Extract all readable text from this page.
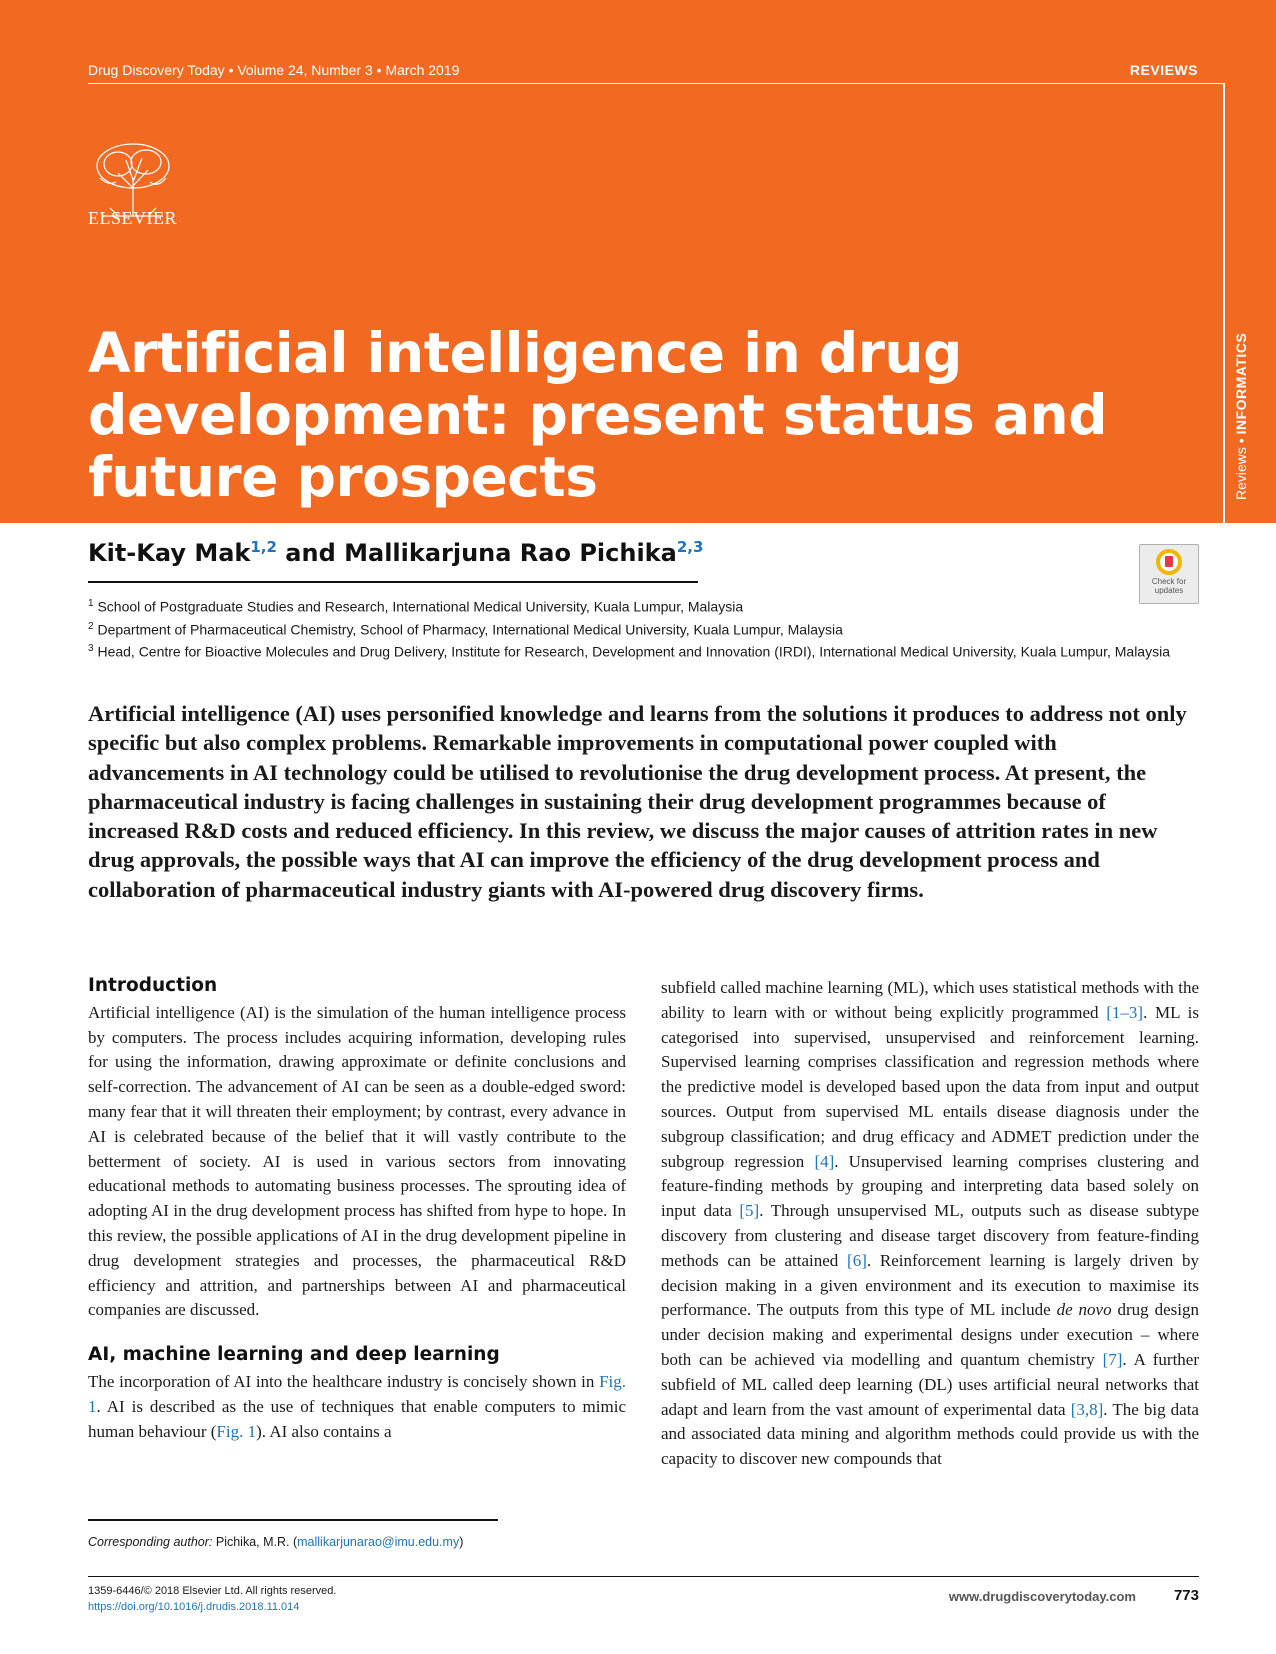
Drug Discovery Today • Volume 24, Number 3 • March 2019	REVIEWS
Reviews • INFORMATICS
ELSEVIER
Artificial intelligence in drug development: present status and future prospects
Kit-Kay Mak$^{1,2}$ and Mallikarjuna Rao Pichika$^{2,3}$
Check for updates

$^1$ School of Postgraduate Studies and Research, International Medical University, Kuala Lumpur, Malaysia

$^2$ Department of Pharmaceutical Chemistry, School of Pharmacy, International Medical University, Kuala Lumpur, Malaysia

$^3$ Head, Centre for Bioactive Molecules and Drug Delivery, Institute for Research, Development and Innovation (IRDI), International Medical University, Kuala Lumpur, Malaysia

Artificial intelligence (AI) uses personified knowledge and learns from the solutions it produces to address not only specific but also complex problems. Remarkable improvements in computational power coupled with advancements in AI technology could be utilised to revolutionise the drug development process. At present, the pharmaceutical industry is facing challenges in sustaining their drug development programmes because of increased R&D costs and reduced efficiency. In this review, we discuss the major causes of attrition rates in new drug approvals, the possible ways that AI can improve the efficiency of the drug development process and collaboration of pharmaceutical industry giants with AI-powered drug discovery firms.

Introduction

Artificial intelligence (AI) is the simulation of the human intelligence process by computers. The process includes acquiring information, developing rules for using the information, drawing approximate or definite conclusions and self-correction. The advancement of AI can be seen as a double-edged sword: many fear that it will threaten their employment; by contrast, every advance in AI is celebrated because of the belief that it will vastly contribute to the betterment of society. AI is used in various sectors from innovating educational methods to automating business processes. The sprouting idea of adopting AI in the drug development process has shifted from hype to hope. In this review, the possible applications of AI in the drug development pipeline in drug development strategies and processes, the pharmaceutical R&D efficiency and attrition, and partnerships between AI and pharmaceutical companies are discussed.

AI, machine learning and deep learning

The incorporation of AI into the healthcare industry is concisely shown in Fig. 1. AI is described as the use of techniques that enable computers to mimic human behaviour (Fig. 1). AI also contains a

subfield called machine learning (ML), which uses statistical methods with the ability to learn with or without being explicitly programmed [1–3]. ML is categorised into supervised, unsupervised and reinforcement learning. Supervised learning comprises classification and regression methods where the predictive model is developed based upon the data from input and output sources. Output from supervised ML entails disease diagnosis under the subgroup classification; and drug efficacy and ADMET prediction under the subgroup regression [4]. Unsupervised learning comprises clustering and feature-finding methods by grouping and interpreting data based solely on input data [5]. Through unsupervised ML, outputs such as disease subtype discovery from clustering and disease target discovery from feature-finding methods can be attained [6]. Reinforcement learning is largely driven by decision making in a given environment and its execution to maximise its performance. The outputs from this type of ML include de novo drug design under decision making and experimental designs under execution – where both can be achieved via modelling and quantum chemistry [7]. A further subfield of ML called deep learning (DL) uses artificial neural networks that adapt and learn from the vast amount of experimental data [3,8]. The big data and associated data mining and algorithm methods could provide us with the capacity to discover new compounds that

Corresponding author: Pichika, M.R. (mallikarjunarao@imu.edu.my)
1359-6446/© 2018 Elsevier Ltd. All rights reserved.
https://doi.org/10.1016/j.drudis.2018.11.014
www.drugdiscoverytoday.com	773
